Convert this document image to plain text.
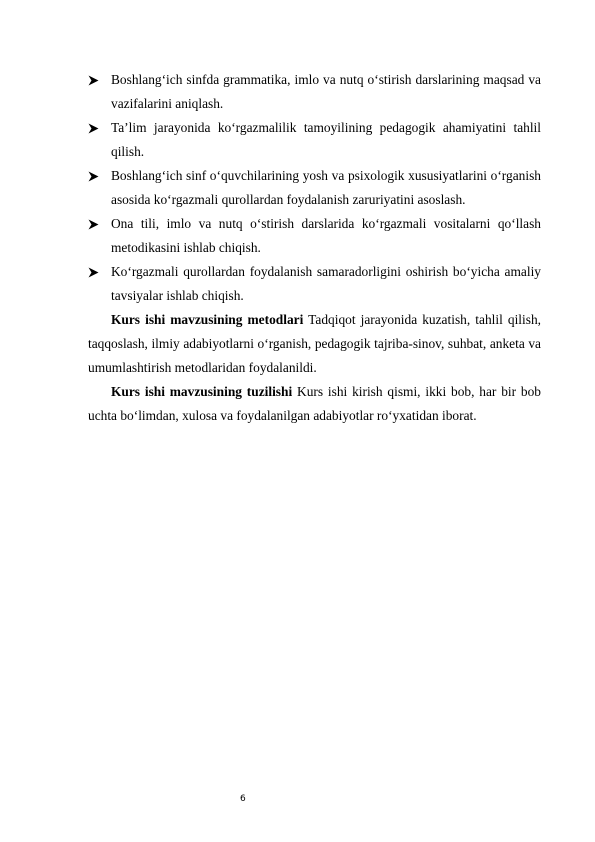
Boshlang‘ich sinfda grammatika, imlo va nutq o‘stirish darslarining maqsad va vazifalarini aniqlash.
Ta’lim jarayonida ko‘rgazmalilik tamoyilining pedagogik ahamiyatini tahlil qilish.
Boshlang‘ich sinf o‘quvchilarining yosh va psixologik xususiyatlarini o‘rganish asosida ko‘rgazmali qurollardan foydalanish zaruriyatini asoslash.
Ona tili, imlo va nutq o‘stirish darslarida ko‘rgazmali vositalarni qo‘llash metodikasini ishlab chiqish.
Ko‘rgazmali qurollardan foydalanish samaradorligini oshirish bo‘yicha amaliy tavsiyalar ishlab chiqish.

Kurs ishi mavzusining metodlari Tadqiqot jarayonida kuzatish, tahlil qilish, taqqoslash, ilmiy adabiyotlarni o‘rganish, pedagogik tajriba-sinov, suhbat, anketa va umumlashtirish metodlaridan foydalanildi.

Kurs ishi mavzusining tuzilishi Kurs ishi kirish qismi, ikki bob, har bir bob uchta bo‘limdan, xulosa va foydalanilgan adabiyotlar ro‘yxatidan iborat.

6
